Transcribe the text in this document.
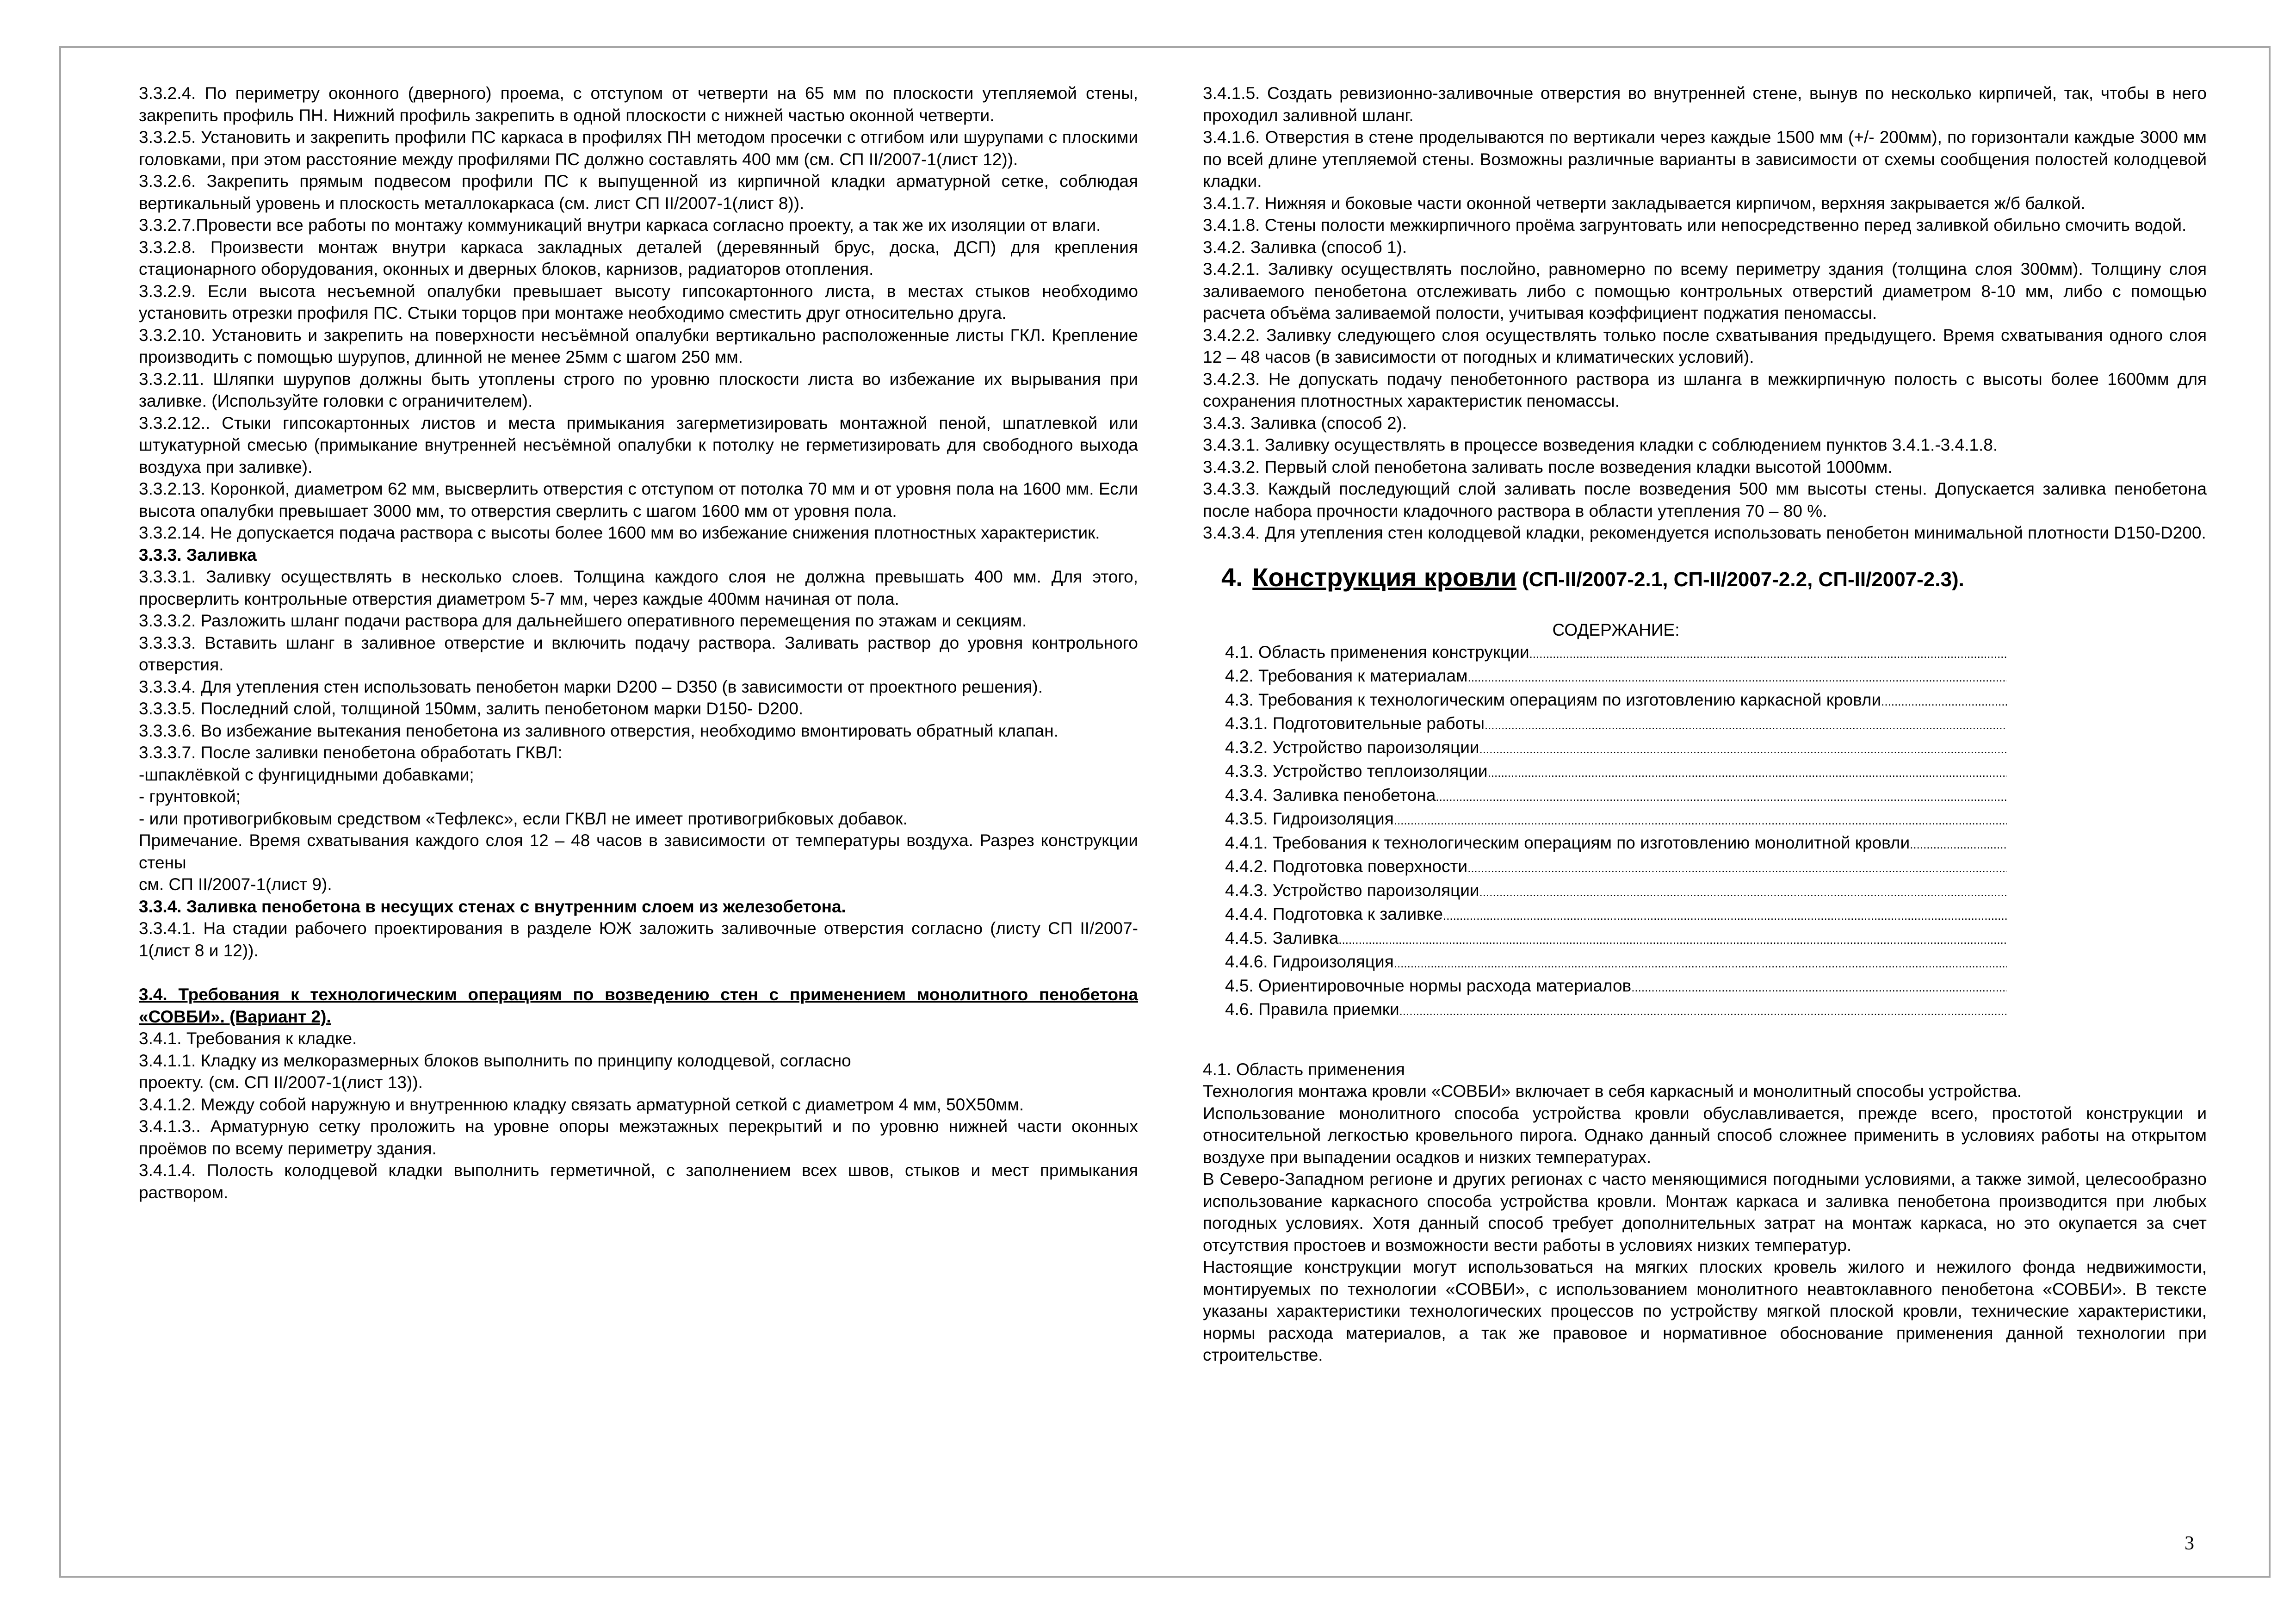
3.3.2.4. По периметру оконного (дверного) проема, с отступом от четверти на 65 мм по плоскости утепляемой стены, закрепить профиль ПН. Нижний профиль закрепить в одной плоскости с нижней частью оконной четверти.

3.3.2.5. Установить и закрепить профили ПС каркаса в профилях ПН методом просечки с отгибом или шурупами с плоскими головками, при этом расстояние между профилями ПС должно составлять 400 мм (см. СП II/2007-1(лист 12)).

3.3.2.6. Закрепить прямым подвесом профили ПС к выпущенной из кирпичной кладки арматурной сетке, соблюдая вертикальный уровень и плоскость металлокаркаса (см. лист СП II/2007-1(лист 8)).

3.3.2.7.Провести все работы по монтажу коммуникаций внутри каркаса согласно проекту, а так же их изоляции от влаги.

3.3.2.8. Произвести монтаж внутри каркаса закладных деталей (деревянный брус, доска, ДСП) для крепления стационарного оборудования, оконных и дверных блоков, карнизов, радиаторов отопления.

3.3.2.9. Если высота несъемной опалубки превышает высоту гипсокартонного листа, в местах стыков необходимо установить отрезки профиля ПС. Стыки торцов при монтаже необходимо сместить друг относительно друга.

3.3.2.10. Установить и закрепить на поверхности несъёмной опалубки вертикально расположенные листы ГКЛ. Крепление производить с помощью шурупов, длинной не менее 25мм с шагом 250 мм.

3.3.2.11. Шляпки шурупов должны быть утоплены строго по уровню плоскости листа во избежание их вырывания при заливке. (Используйте головки с ограничителем).

3.3.2.12.. Стыки гипсокартонных листов и места примыкания загерметизировать монтажной пеной, шпатлевкой или штукатурной смесью (примыкание внутренней несъёмной опалубки к потолку не герметизировать для свободного выхода воздуха при заливке).

3.3.2.13. Коронкой, диаметром 62 мм, высверлить отверстия с отступом от потолка 70 мм и от уровня пола на 1600 мм. Если высота опалубки превышает 3000 мм, то отверстия сверлить с шагом 1600 мм от уровня пола.

3.3.2.14. Не допускается подача раствора с высоты более 1600 мм во избежание снижения плотностных характеристик.

3.3.3. Заливка

3.3.3.1. Заливку осуществлять в несколько слоев. Толщина каждого слоя не должна превышать 400 мм. Для этого, просверлить контрольные отверстия диаметром 5-7 мм, через каждые 400мм начиная от пола.

3.3.3.2. Разложить шланг подачи раствора для дальнейшего оперативного перемещения по этажам и секциям.

3.3.3.3. Вставить шланг в заливное отверстие и включить подачу раствора. Заливать раствор до уровня контрольного отверстия.

3.3.3.4. Для утепления стен использовать пенобетон марки D200 – D350 (в зависимости от проектного решения).

3.3.3.5. Последний слой, толщиной 150мм, залить пенобетоном марки D150- D200.

3.3.3.6. Во избежание вытекания пенобетона из заливного отверстия, необходимо вмонтировать обратный клапан.

3.3.3.7. После заливки пенобетона обработать ГКВЛ:

-шпаклёвкой с фунгицидными добавками;

- грунтовкой;

- или противогрибковым средством «Тефлекс», если ГКВЛ не имеет противогрибковых добавок.

Примечание. Время схватывания каждого слоя 12 – 48 часов в зависимости от температуры воздуха. Разрез конструкции стены

см. СП II/2007-1(лист 9).

3.3.4. Заливка пенобетона в несущих стенах с внутренним слоем из железобетона.

3.3.4.1. На стадии рабочего проектирования в разделе ЮЖ заложить заливочные отверстия согласно (листу СП II/2007-1(лист 8 и 12)).

3.4. Требования к технологическим операциям по возведению стен с применением монолитного пенобетона «СОВБИ». (Вариант 2).

3.4.1. Требования к кладке.

3.4.1.1. Кладку из мелкоразмерных блоков выполнить по принципу колодцевой, согласно

проекту. (см. СП II/2007-1(лист 13)).

3.4.1.2. Между собой наружную и внутреннюю кладку связать арматурной сеткой с диаметром 4 мм, 50Х50мм.

3.4.1.3.. Арматурную сетку проложить на уровне опоры межэтажных перекрытий и по уровню нижней части оконных проёмов по всему периметру здания.

3.4.1.4. Полость колодцевой кладки выполнить герметичной, с заполнением всех швов, стыков и мест примыкания раствором.

3.4.1.5. Создать ревизионно-заливочные отверстия во внутренней стене, вынув по несколько кирпичей, так, чтобы в него проходил заливной шланг.

3.4.1.6. Отверстия в стене проделываются по вертикали через каждые 1500 мм (+/- 200мм), по горизонтали каждые 3000 мм по всей длине утепляемой стены. Возможны различные варианты в зависимости от схемы сообщения полостей колодцевой кладки.

3.4.1.7. Нижняя и боковые части оконной четверти закладывается кирпичом, верхняя закрывается ж/б балкой.

3.4.1.8. Стены полости межкирпичного проёма загрунтовать или непосредственно перед заливкой обильно смочить водой.

3.4.2. Заливка (способ 1).

3.4.2.1. Заливку осуществлять послойно, равномерно по всему периметру здания (толщина слоя 300мм). Толщину слоя заливаемого пенобетона отслеживать либо с помощью контрольных отверстий диаметром 8-10 мм, либо с помощью расчета объёма заливаемой полости, учитывая коэффициент поджатия пеномассы.

3.4.2.2. Заливку следующего слоя осуществлять только после схватывания предыдущего. Время схватывания одного слоя 12 – 48 часов (в зависимости от погодных и климатических условий).

3.4.2.3. Не допускать подачу пенобетонного раствора из шланга в межкирпичную полость с высоты более 1600мм для сохранения плотностных характеристик пеномассы.

3.4.3. Заливка (способ 2).

3.4.3.1. Заливку осуществлять в процессе возведения кладки с соблюдением пунктов 3.4.1.-3.4.1.8.

3.4.3.2. Первый слой пенобетона заливать после возведения кладки высотой 1000мм.

3.4.3.3. Каждый последующий слой заливать после возведения 500 мм высоты стены. Допускается заливка пенобетона после набора прочности кладочного раствора в области утепления 70 – 80 %.

3.4.3.4. Для утепления стен колодцевой кладки, рекомендуется использовать пенобетон минимальной плотности D150-D200.

4. Конструкция кровли (СП-II/2007-2.1, СП-II/2007-2.2, СП-II/2007-2.3).

СОДЕРЖАНИЕ:

4.1. Область применения конструкции
.....
4.2. Требования к материалам
.....
4.3. Требования к технологическим операциям по изготовлению каркасной кровли
.....
4.3.1. Подготовительные работы
.....
4.3.2. Устройство пароизоляции
.....
4.3.3. Устройство теплоизоляции
.....
4.3.4. Заливка пенобетона
.....
4.3.5. Гидроизоляция
.....
4.4.1. Требования к технологическим операциям по изготовлению монолитной кровли
.....
4.4.2. Подготовка поверхности
.....
4.4.3. Устройство пароизоляции
.....
4.4.4. Подготовка к заливке
.....
4.4.5. Заливка
.....
4.4.6. Гидроизоляция
.....
4.5. Ориентировочные нормы расхода материалов
.....
4.6. Правила приемки
.....

4.1. Область применения

Технология монтажа кровли «СОВБИ» включает в себя каркасный и монолитный способы устройства.

Использование монолитного способа устройства кровли обуславливается, прежде всего, простотой конструкции и относительной легкостью кровельного пирога. Однако данный способ сложнее применить в условиях работы на открытом воздухе при выпадении осадков и низких температурах.

В Северо-Западном регионе и других регионах с часто меняющимися погодными условиями, а также зимой, целесообразно использование каркасного способа устройства кровли. Монтаж каркаса и заливка пенобетона производится при любых погодных условиях. Хотя данный способ требует дополнительных затрат на монтаж каркаса, но это окупается за счет отсутствия простоев и возможности вести работы в условиях низких температур.

Настоящие конструкции могут использоваться на мягких плоских кровель жилого и нежилого фонда недвижимости, монтируемых по технологии «СОВБИ», с использованием монолитного неавтоклавного пенобетона «СОВБИ». В тексте указаны характеристики технологических процессов по устройству мягкой плоской кровли, технические характеристики, нормы расхода материалов, а так же правовое и нормативное обоснование применения данной технологии при строительстве.

3
